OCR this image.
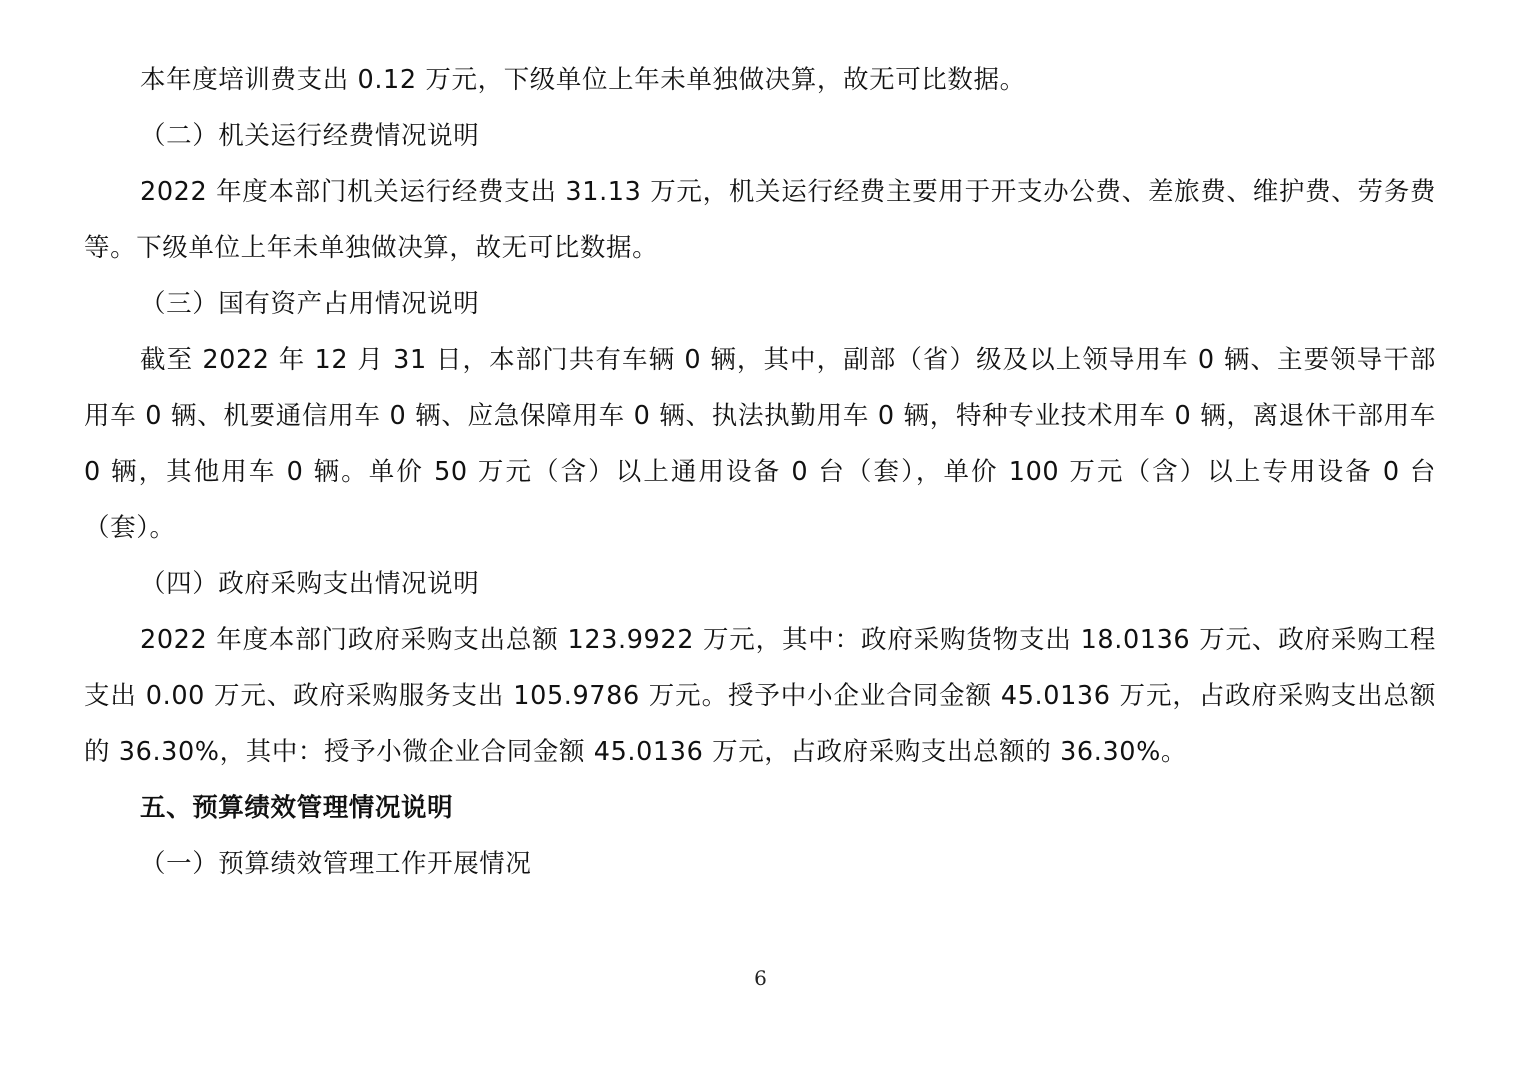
本年度培训费支出 0.12 万元，下级单位上年未单独做决算，故无可比数据。

（二）机关运行经费情况说明

2022 年度本部门机关运行经费支出 31.13 万元，机关运行经费主要用于开支办公费、差旅费、维护费、劳务费等。下级单位上年未单独做决算，故无可比数据。

（三）国有资产占用情况说明

截至 2022 年 12 月 31 日，本部门共有车辆 0 辆，其中，副部（省）级及以上领导用车 0 辆、主要领导干部用车 0 辆、机要通信用车 0 辆、应急保障用车 0 辆、执法执勤用车 0 辆，特种专业技术用车 0 辆，离退休干部用车 0 辆，其他用车 0 辆。单价 50 万元（含）以上通用设备 0 台（套），单价 100 万元（含）以上专用设备 0 台（套）。

（四）政府采购支出情况说明

2022 年度本部门政府采购支出总额 123.9922 万元，其中：政府采购货物支出 18.0136 万元、政府采购工程支出 0.00 万元、政府采购服务支出 105.9786 万元。授予中小企业合同金额 45.0136 万元，占政府采购支出总额的 36.30%，其中：授予小微企业合同金额 45.0136 万元，占政府采购支出总额的 36.30%。

五、预算绩效管理情况说明

（一）预算绩效管理工作开展情况

6
